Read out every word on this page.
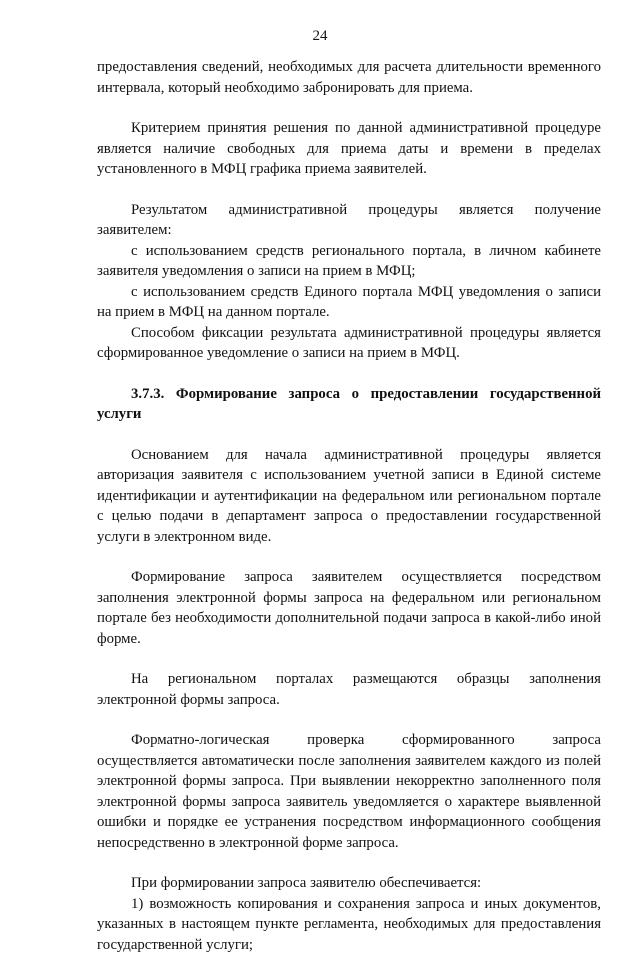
24

предоставления сведений, необходимых для расчета длительности временного интервала, который необходимо забронировать для приема.

Критерием принятия решения по данной административной процедуре является наличие свободных для приема даты и времени в пределах установленного в МФЦ графика приема заявителей.

Результатом административной процедуры является получение заявителем:

с использованием средств регионального портала, в личном кабинете заявителя уведомления о записи на прием в МФЦ;

с использованием средств Единого портала МФЦ уведомления о записи на прием в МФЦ на данном портале.

Способом фиксации результата административной процедуры является сформированное уведомление о записи на прием в МФЦ.

3.7.3. Формирование запроса о предоставлении государственной услуги

Основанием для начала административной процедуры является авторизация заявителя с использованием учетной записи в Единой системе идентификации и аутентификации на федеральном или региональном портале с целью подачи в департамент запроса о предоставлении государственной услуги в электронном виде.

Формирование запроса заявителем осуществляется посредством заполнения электронной формы запроса на федеральном или региональном портале без необходимости дополнительной подачи запроса в какой-либо иной форме.

На региональном порталах размещаются образцы заполнения электронной формы запроса.

Форматно-логическая проверка сформированного запроса осуществляется автоматически после заполнения заявителем каждого из полей электронной формы запроса. При выявлении некорректно заполненного поля электронной формы запроса заявитель уведомляется о характере выявленной ошибки и порядке ее устранения посредством информационного сообщения непосредственно в электронной форме запроса.

При формировании запроса заявителю обеспечивается:

1) возможность копирования и сохранения запроса и иных документов, указанных в настоящем пункте регламента, необходимых для предоставления государственной услуги;
